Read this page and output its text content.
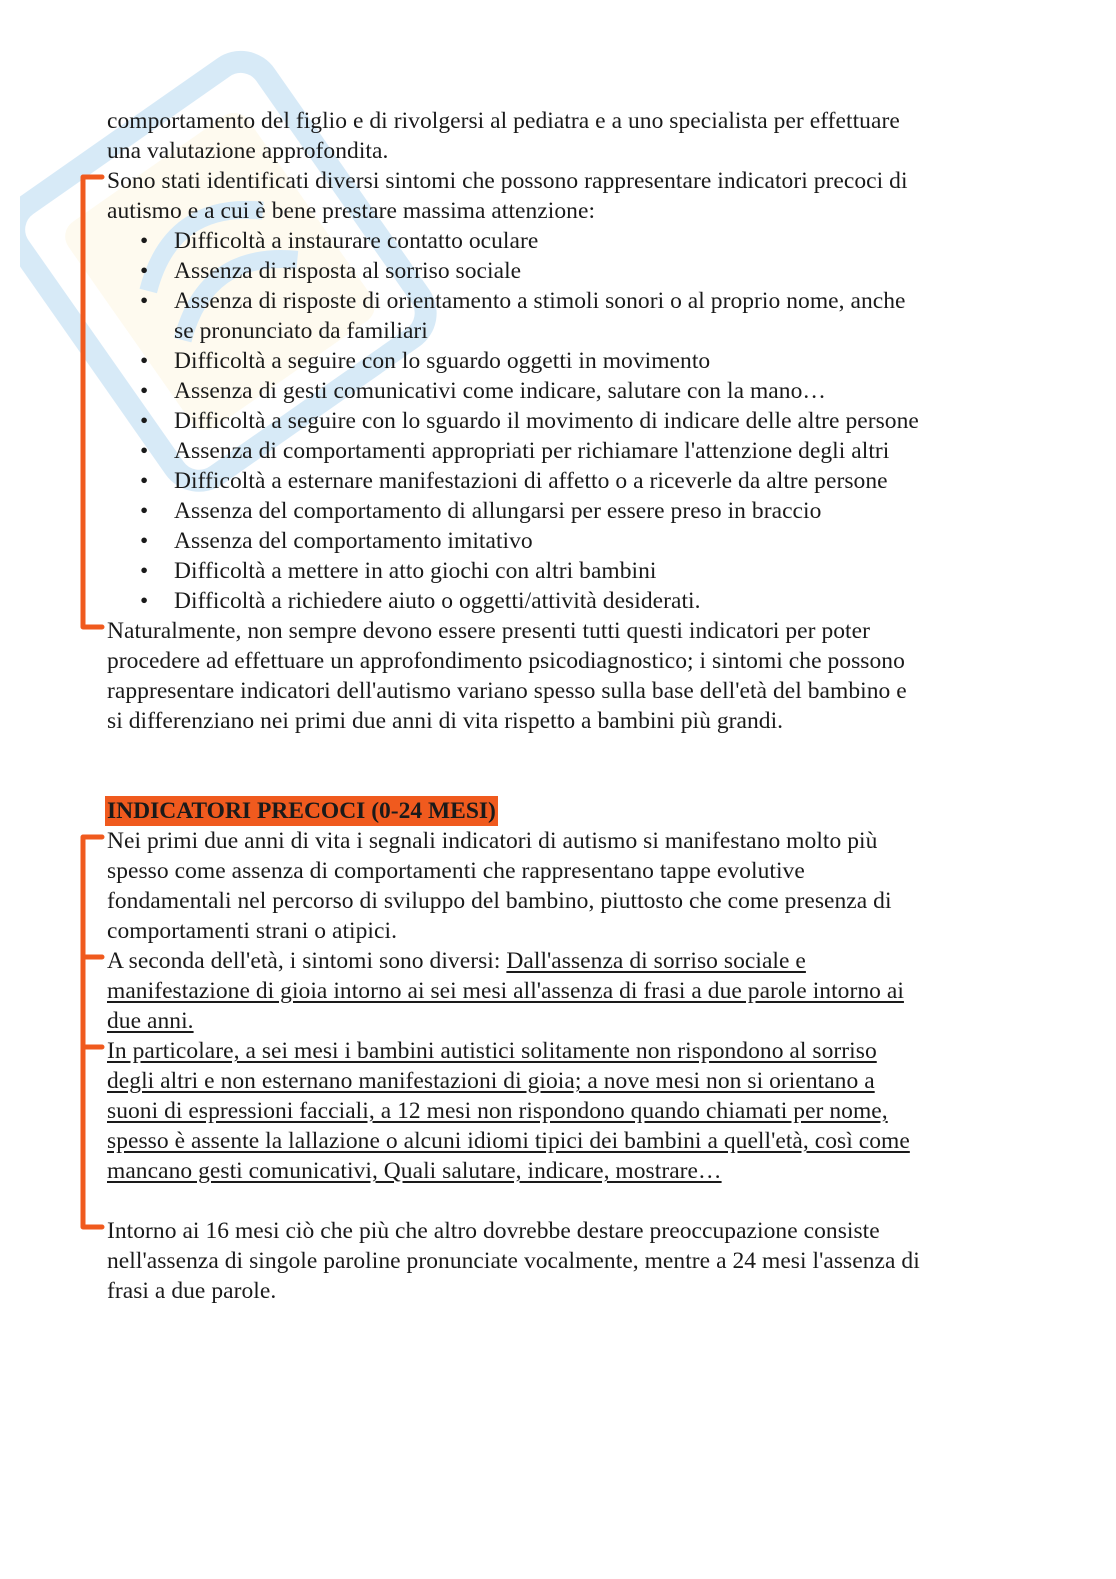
comportamento del figlio e di rivolgersi al pediatra e a uno specialista per effettuare
una valutazione approfondita.
Sono stati identificati diversi sintomi che possono rappresentare indicatori precoci di
autismo e a cui è bene prestare massima attenzione:
• Difficoltà a instaurare contatto oculare
• Assenza di risposta al sorriso sociale
• Assenza di risposte di orientamento a stimoli sonori o al proprio nome, anche
se pronunciato da familiari
• Difficoltà a seguire con lo sguardo oggetti in movimento
• Assenza di gesti comunicativi come indicare, salutare con la mano…
• Difficoltà a seguire con lo sguardo il movimento di indicare delle altre persone
• Assenza di comportamenti appropriati per richiamare l'attenzione degli altri
• Difficoltà a esternare manifestazioni di affetto o a riceverle da altre persone
• Assenza del comportamento di allungarsi per essere preso in braccio
• Assenza del comportamento imitativo
• Difficoltà a mettere in atto giochi con altri bambini
• Difficoltà a richiedere aiuto o oggetti/attività desiderati.
Naturalmente, non sempre devono essere presenti tutti questi indicatori per poter
procedere ad effettuare un approfondimento psicodiagnostico; i sintomi che possono
rappresentare indicatori dell'autismo variano spesso sulla base dell'età del bambino e
si differenziano nei primi due anni di vita rispetto a bambini più grandi.
INDICATORI PRECOCI (0-24 MESI)
Nei primi due anni di vita i segnali indicatori di autismo si manifestano molto più
spesso come assenza di comportamenti che rappresentano tappe evolutive
fondamentali nel percorso di sviluppo del bambino, piuttosto che come presenza di
comportamenti strani o atipici.
A seconda dell'età, i sintomi sono diversi: Dall'assenza di sorriso sociale e
manifestazione di gioia intorno ai sei mesi all'assenza di frasi a due parole intorno ai
due anni.
In particolare, a sei mesi i bambini autistici solitamente non rispondono al sorriso
degli altri e non esternano manifestazioni di gioia; a nove mesi non si orientano a
suoni di espressioni facciali, a 12 mesi non rispondono quando chiamati per nome,
spesso è assente la lallazione o alcuni idiomi tipici dei bambini a quell'età, così come
mancano gesti comunicativi, Quali salutare, indicare, mostrare…
Intorno ai 16 mesi ciò che più che altro dovrebbe destare preoccupazione consiste
nell'assenza di singole paroline pronunciate vocalmente, mentre a 24 mesi l'assenza di
frasi a due parole.
